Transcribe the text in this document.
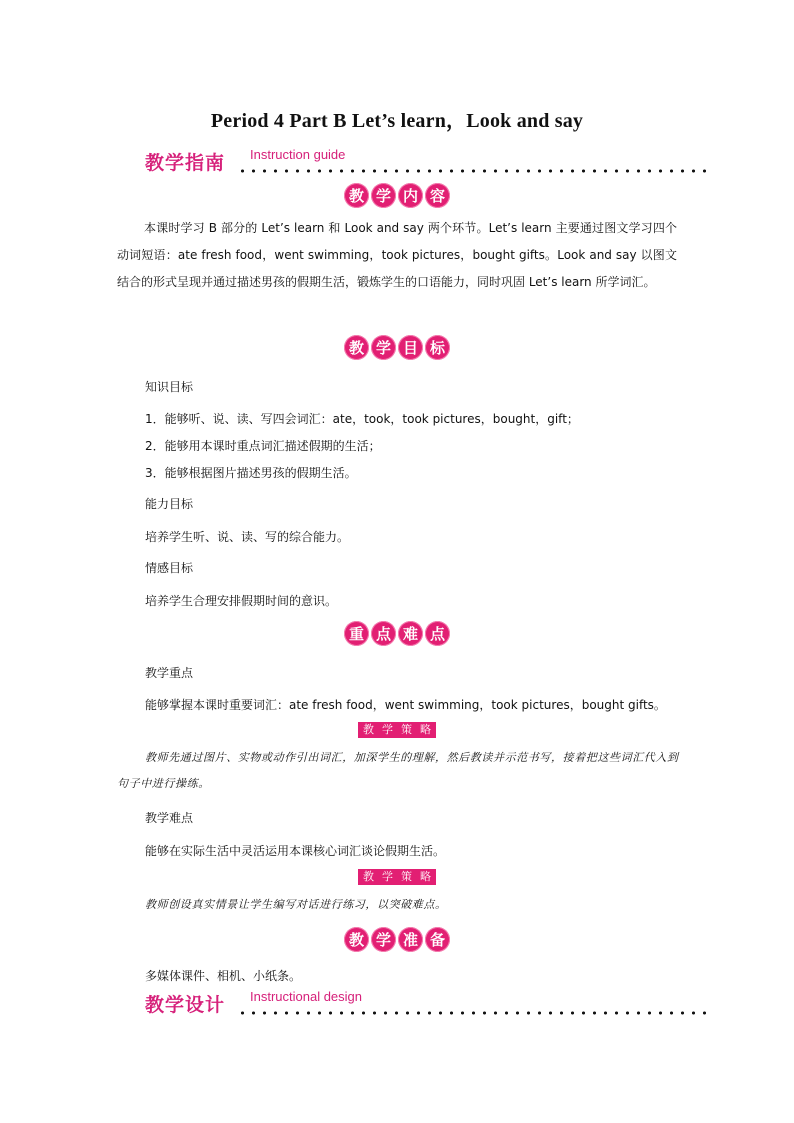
Period 4 Part B Let’s learn，Look and say
教学指南 Instruction guide
教 学 内 容
本课时学习 B 部分的 Let’s learn 和 Look and say 两个环节。Let’s learn 主要通过图文学习四个动词短语：ate fresh food，went swimming，took pictures，bought gifts。Look and say 以图文结合的形式呈现并通过描述男孩的假期生活，锻炼学生的口语能力，同时巩固 Let’s learn 所学词汇。
教 学 目 标
知识目标
1．能够听、说、读、写四会词汇：ate，took，took pictures，bought，gift；
2．能够用本课时重点词汇描述假期的生活；
3．能够根据图片描述男孩的假期生活。
能力目标
培养学生听、说、读、写的综合能力。
情感目标
培养学生合理安排假期时间的意识。
重 点 难 点
教学重点
能够掌握本课时重要词汇：ate fresh food，went swimming，took pictures，bought gifts。
教 学 策 略
教师先通过图片、实物或动作引出词汇，加深学生的理解，然后教读并示范书写，接着把这些词汇代入到句子中进行操练。
教学难点
能够在实际生活中灵活运用本课核心词汇谈论假期生活。
教 学 策 略
教师创设真实情景让学生编写对话进行练习，以突破难点。
教 学 准 备
多媒体课件、相机、小纸条。
教学设计 Instructional design
